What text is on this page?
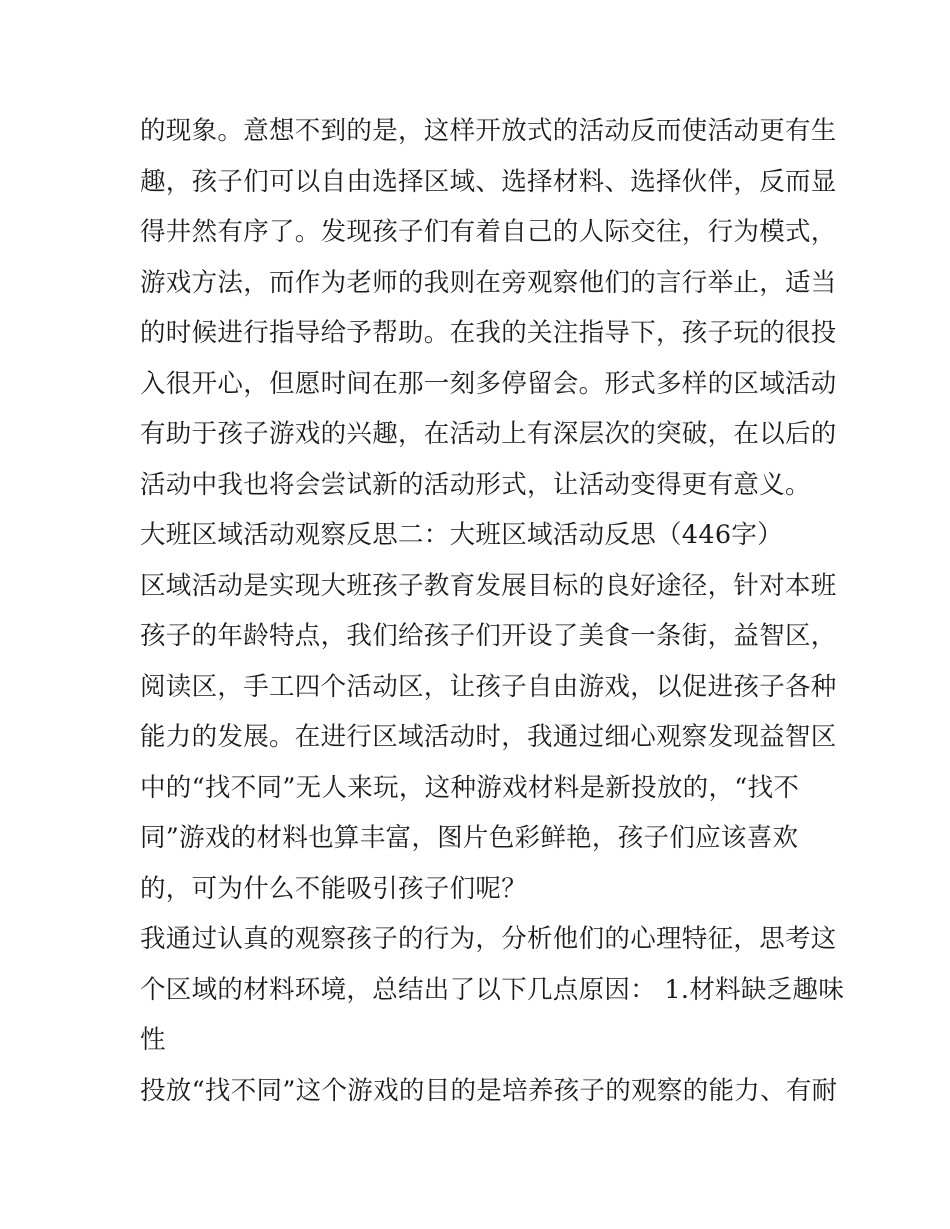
的现象。意想不到的是，这样开放式的活动反而使活动更有生
趣，孩子们可以自由选择区域、选择材料、选择伙伴，反而显
得井然有序了。发现孩子们有着自己的人际交往，行为模式，
游戏方法，而作为老师的我则在旁观察他们的言行举止，适当
的时候进行指导给予帮助。在我的关注指导下，孩子玩的很投
入很开心，但愿时间在那一刻多停留会。形式多样的区域活动
有助于孩子游戏的兴趣，在活动上有深层次的突破，在以后的
活动中我也将会尝试新的活动形式，让活动变得更有意义。
大班区域活动观察反思二：大班区域活动反思（446字）
区域活动是实现大班孩子教育发展目标的良好途径，针对本班
孩子的年龄特点，我们给孩子们开设了美食一条街，益智区，
阅读区，手工四个活动区，让孩子自由游戏，以促进孩子各种
能力的发展。在进行区域活动时，我通过细心观察发现益智区
中的“找不同”无人来玩，这种游戏材料是新投放的，“找不
同”游戏的材料也算丰富，图片色彩鲜艳，孩子们应该喜欢
的，可为什么不能吸引孩子们呢？
我通过认真的观察孩子的行为，分析他们的心理特征，思考这
个区域的材料环境，总结出了以下几点原因： 1.材料缺乏趣味
性
投放“找不同”这个游戏的目的是培养孩子的观察的能力、有耐
